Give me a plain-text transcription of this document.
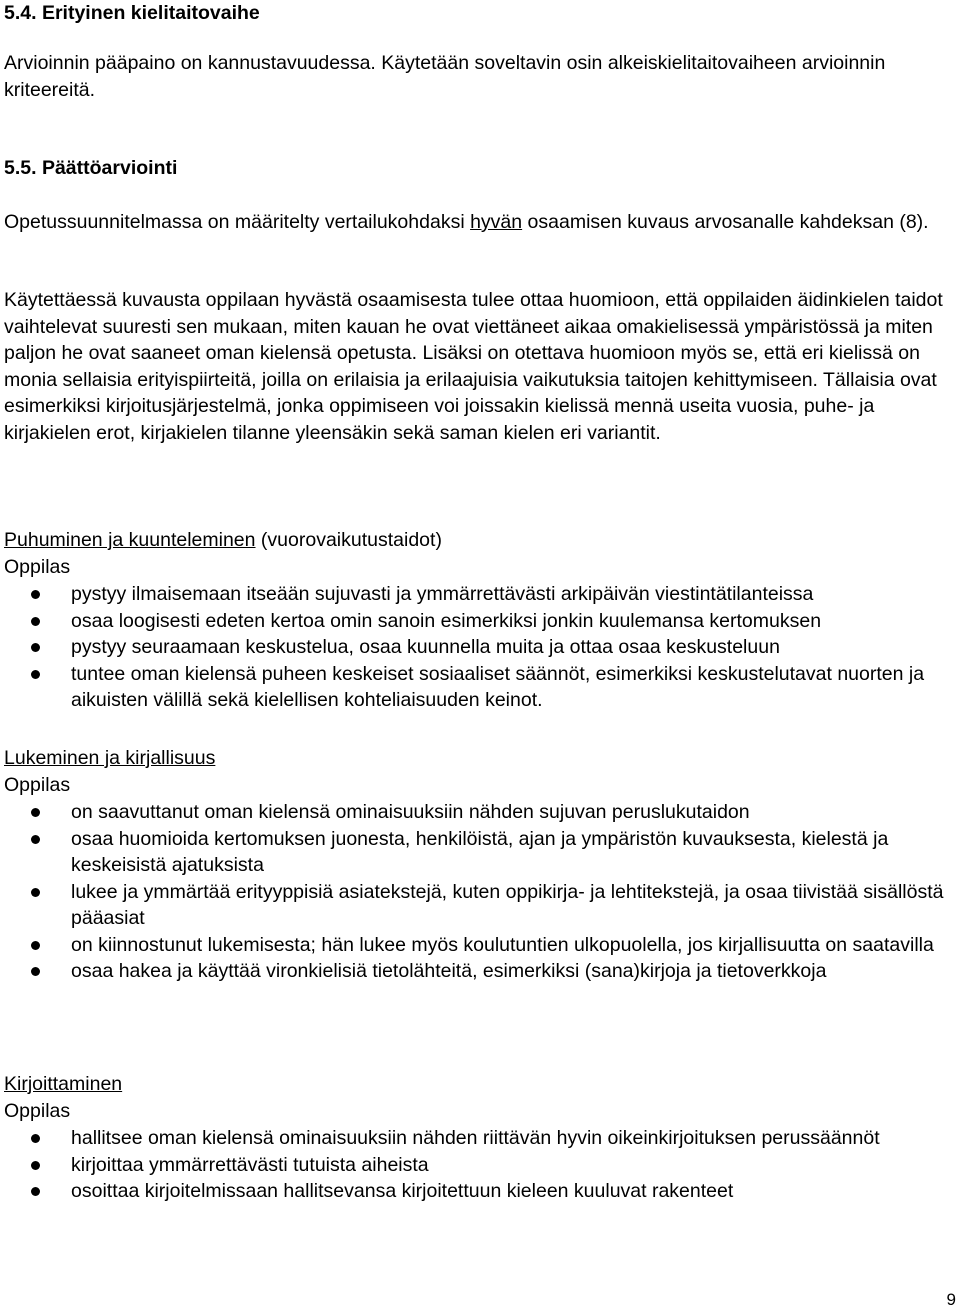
5.4. Erityinen kielitaitovaihe

Arvioinnin pääpaino on kannustavuudessa. Käytetään soveltavin osin alkeiskielitaitovaiheen arvioinnin kriteereitä.

5.5. Päättöarviointi

Opetussuunnitelmassa on määritelty vertailukohdaksi hyvän osaamisen kuvaus arvosanalle kahdeksan (8).

Käytettäessä kuvausta oppilaan hyvästä osaamisesta tulee ottaa huomioon, että oppilaiden äidinkielen taidot vaihtelevat suuresti sen mukaan, miten kauan he ovat viettäneet aikaa omakielisessä ympäristössä ja miten paljon he ovat saaneet oman kielensä opetusta. Lisäksi on otettava huomioon myös se, että eri kielissä on monia sellaisia erityispiirteitä, joilla on erilaisia ja erilaajuisia vaikutuksia taitojen kehittymiseen. Tällaisia ovat esimerkiksi kirjoitusjärjestelmä, jonka oppimiseen voi joissakin kielissä mennä useita vuosia, puhe- ja kirjakielen erot, kirjakielen tilanne yleensäkin sekä saman kielen eri variantit.

Puhuminen ja kuunteleminen (vuorovaikutustaidot)

Oppilas

pystyy ilmaisemaan itseään sujuvasti ja ymmärrettävästi arkipäivän viestintätilanteissa
osaa loogisesti edeten kertoa omin sanoin esimerkiksi jonkin kuulemansa kertomuksen
pystyy seuraamaan keskustelua, osaa kuunnella muita ja ottaa osaa keskusteluun
tuntee oman kielensä puheen keskeiset sosiaaliset säännöt, esimerkiksi keskustelutavat nuorten ja aikuisten välillä sekä kielellisen kohteliaisuuden keinot.

Lukeminen ja kirjallisuus

Oppilas

on saavuttanut oman kielensä ominaisuuksiin nähden sujuvan peruslukutaidon
osaa huomioida kertomuksen juonesta, henkilöistä, ajan ja ympäristön kuvauksesta, kielestä ja keskeisistä ajatuksista
lukee ja ymmärtää erityyppisiä asiatekstejä, kuten oppikirja- ja lehtitekstejä, ja osaa tiivistää sisällöstä pääasiat
on kiinnostunut lukemisesta; hän lukee myös koulutuntien ulkopuolella, jos kirjallisuutta on saatavilla
osaa hakea ja käyttää vironkielisiä tietolähteitä, esimerkiksi (sana)kirjoja ja tietoverkkoja

Kirjoittaminen

Oppilas

hallitsee oman kielensä ominaisuuksiin nähden riittävän hyvin oikeinkirjoituksen perussäännöt
kirjoittaa ymmärrettävästi tutuista aiheista
osoittaa kirjoitelmissaan hallitsevansa kirjoitettuun kieleen kuuluvat rakenteet
9
